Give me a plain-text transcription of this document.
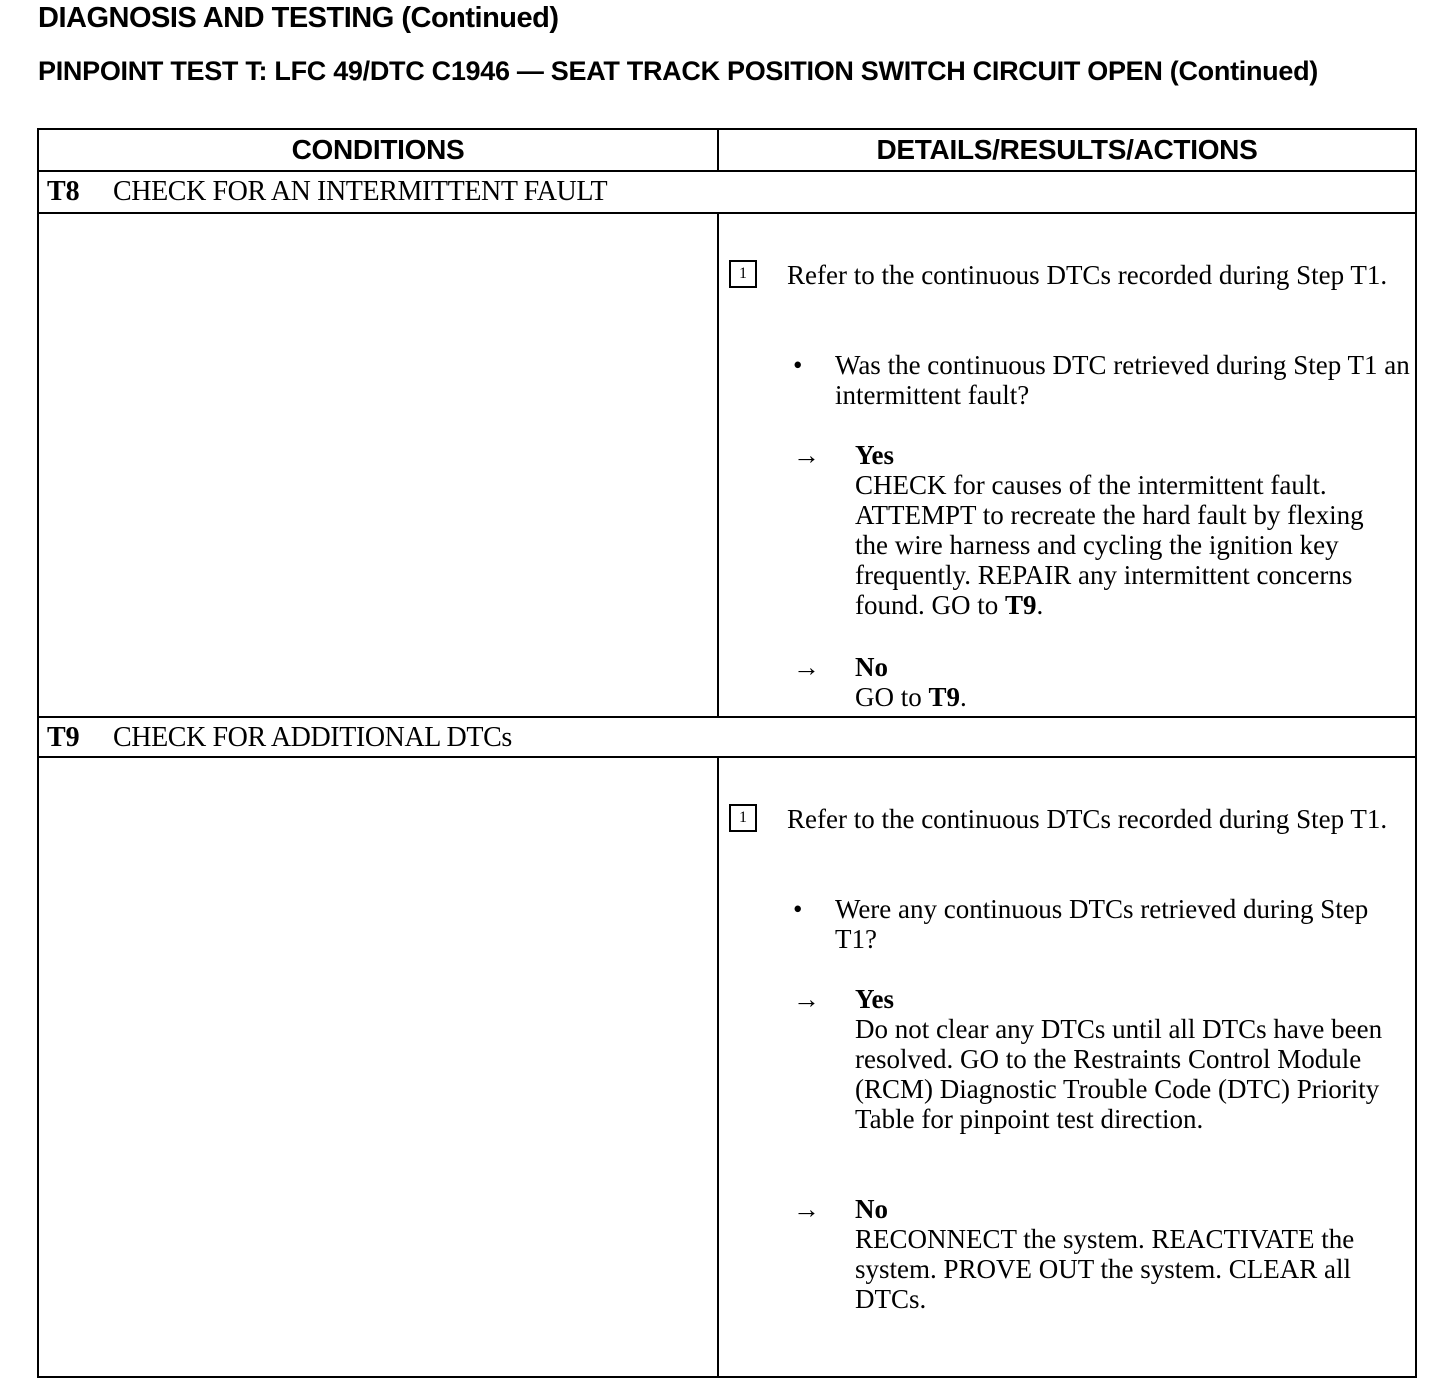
DIAGNOSIS AND TESTING (Continued)
PINPOINT TEST T: LFC 49/DTC C1946 — SEAT TRACK POSITION SWITCH CIRCUIT OPEN (Continued)
CONDITIONS	DETAILS/RESULTS/ACTIONS
T8 CHECK FOR AN INTERMITTENT FAULT
1	Refer to the continuous DTCs recorded during Step T1.
• Was the continuous DTC retrieved during Step T1 an intermittent fault?
→ Yes
CHECK for causes of the intermittent fault. ATTEMPT to recreate the hard fault by flexing the wire harness and cycling the ignition key frequently. REPAIR any intermittent concerns found. GO to T9.
→ No
GO to T9.
T9 CHECK FOR ADDITIONAL DTCs
1	Refer to the continuous DTCs recorded during Step T1.
• Were any continuous DTCs retrieved during Step T1?
→ Yes
Do not clear any DTCs until all DTCs have been resolved. GO to the Restraints Control Module (RCM) Diagnostic Trouble Code (DTC) Priority Table for pinpoint test direction.
→ No
RECONNECT the system. REACTIVATE the system. PROVE OUT the system. CLEAR all DTCs.
